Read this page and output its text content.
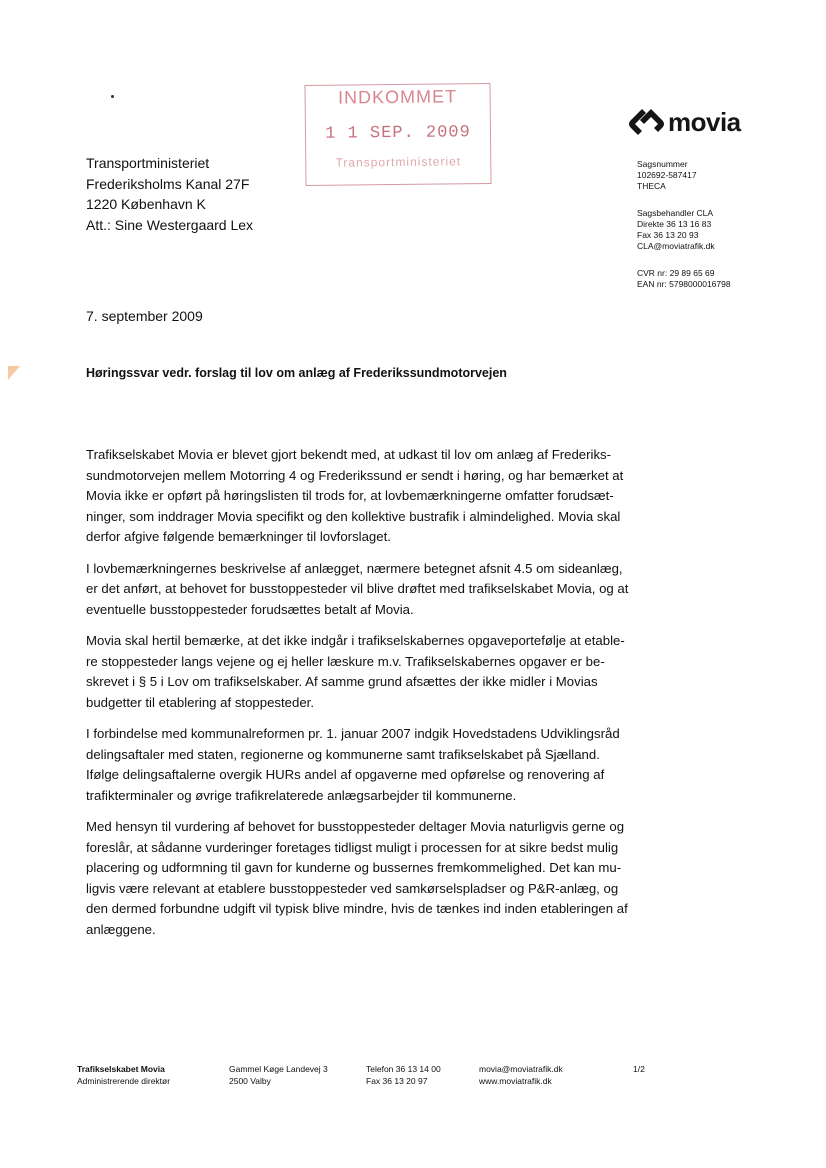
Transportministeriet
Frederiksholms Kanal 27F
1220 København K
Att.: Sine Westergaard Lex
INDKOMMET
1 1 SEP. 2009
Transportministeriet
movia
Sagsnummer
102692-587417
THECA
Sagsbehandler CLA
Direkte 36 13 16 83
Fax 36 13 20 93
CLA@moviatrafik.dk
CVR nr: 29 89 65 69
EAN nr: 5798000016798
7. september 2009
Høringssvar vedr. forslag til lov om anlæg af Frederikssundmotorvejen

Trafikselskabet Movia er blevet gjort bekendt med, at udkast til lov om anlæg af Frederiks-
sundmotorvejen mellem Motorring 4 og Frederikssund er sendt i høring, og har bemærket at
Movia ikke er opført på høringslisten til trods for, at lovbemærkningerne omfatter forudsæt-
ninger, som inddrager Movia specifikt og den kollektive bustrafik i almindelighed. Movia skal
derfor afgive følgende bemærkninger til lovforslaget.

I lovbemærkningernes beskrivelse af anlægget, nærmere betegnet afsnit 4.5 om sideanlæg,
er det anført, at behovet for busstoppesteder vil blive drøftet med trafikselskabet Movia, og at
eventuelle busstoppesteder forudsættes betalt af Movia.

Movia skal hertil bemærke, at det ikke indgår i trafikselskabernes opgaveportefølje at etable-
re stoppesteder langs vejene og ej heller læskure m.v. Trafikselskabernes opgaver er be-
skrevet i § 5 i Lov om trafikselskaber. Af samme grund afsættes der ikke midler i Movias
budgetter til etablering af stoppesteder.

I forbindelse med kommunalreformen pr. 1. januar 2007 indgik Hovedstadens Udviklingsråd
delingsaftaler med staten, regionerne og kommunerne samt trafikselskabet på Sjælland.
Ifølge delingsaftalerne overgik HURs andel af opgaverne med opførelse og renovering af
trafikterminaler og øvrige trafikrelaterede anlægsarbejder til kommunerne.

Med hensyn til vurdering af behovet for busstoppesteder deltager Movia naturligvis gerne og
foreslår, at sådanne vurderinger foretages tidligst muligt i processen for at sikre bedst mulig
placering og udformning til gavn for kunderne og bussernes fremkommelighed. Det kan mu-
ligvis være relevant at etablere busstoppesteder ved samkørselspladser og P&R-anlæg, og
den dermed forbundne udgift vil typisk blive mindre, hvis de tænkes ind inden etableringen af
anlæggene.

Trafikselskabet Movia
Administrerende direktør
Gammel Køge Landevej 3
2500 Valby
Telefon 36 13 14 00
Fax 36 13 20 97
movia@moviatrafik.dk
www.moviatrafik.dk
1/2
